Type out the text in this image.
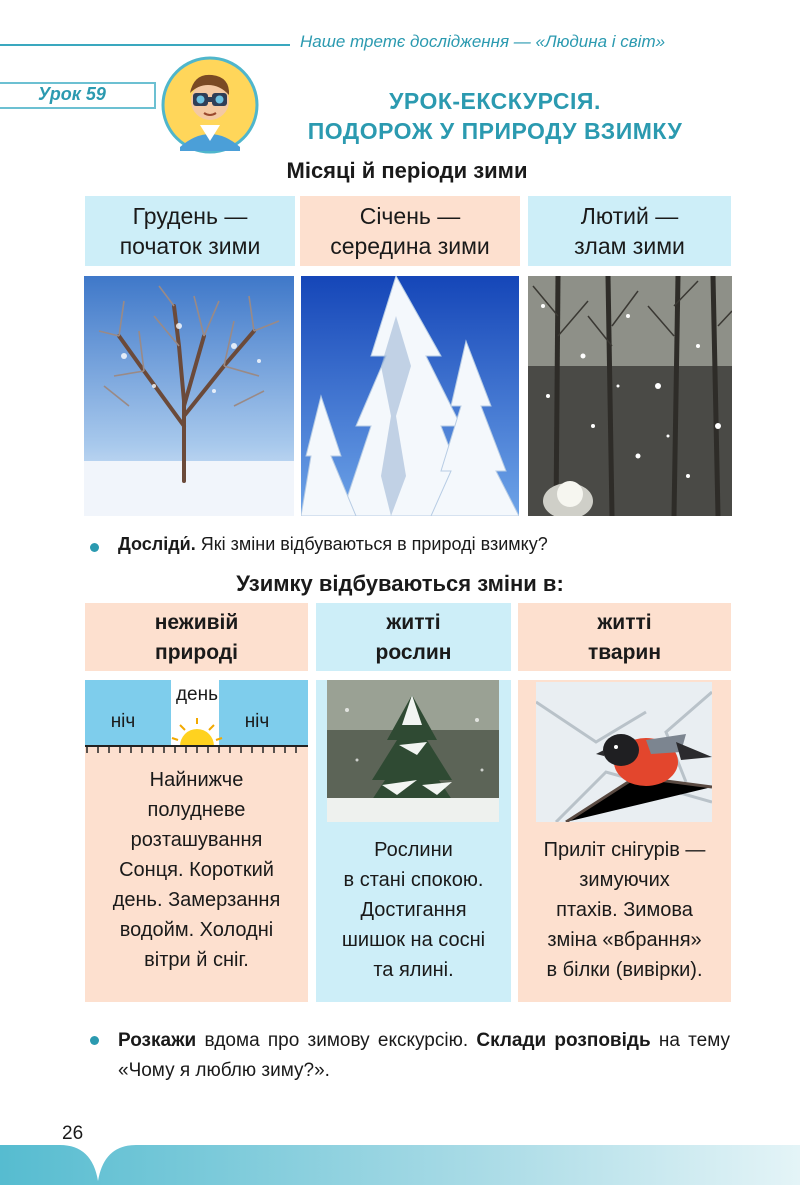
Наше третє дослідження — «Людина і світ»
Урок 59	УРОК-ЕКСКУРСІЯ.
ПОДОРОЖ У ПРИРОДУ ВЗИМКУ
Місяці й періоди зими
Грудень —
початок зими
Січень —
середина зими
Лютий —
злам зими
Досліди́. Які зміни відбуваються в природі взимку?
Узимку відбуваються зміни в:
неживій
природі
житті
рослин
житті
тварин
день
ніч	ніч
Найнижче
полудневе
розташування
Сонця. Короткий
день. Замерзання
водойм. Холодні
вітри й сніг.
Рослини
в стані спокою.
Достигання
шишок на сосні
та ялині.
Приліт снігурів —
зимуючих
птахів. Зимова
зміна «вбрання»
в білки (вивірки).
Розкажи вдома про зимову екскурсію. Склади розповідь на тему «Чому я люблю зиму?».
26
